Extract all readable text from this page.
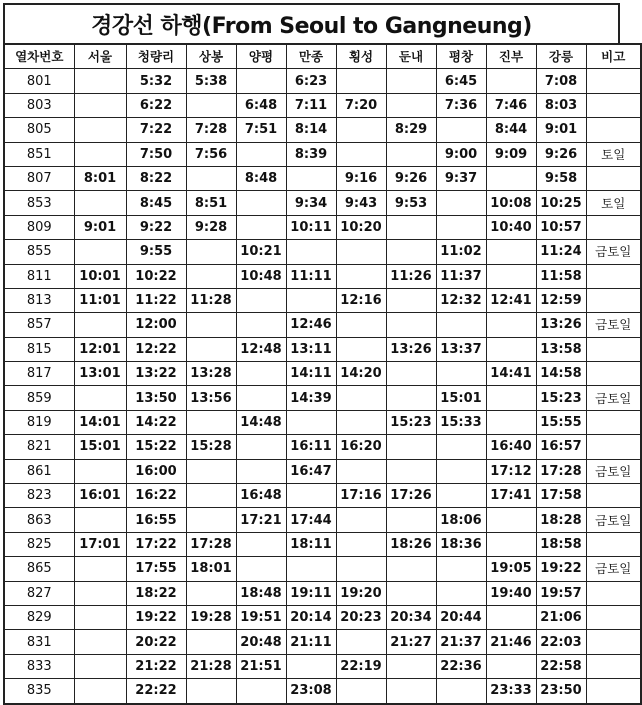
경강선 하행(From Seoul to Gangneung)
열차번호	서울	청량리	상봉	양평	만종	횡성	둔내	평창	진부	강릉	비고
801		5:32	5:38		6:23			6:45		7:08	
803		6:22		6:48	7:11	7:20		7:36	7:46	8:03	
805		7:22	7:28	7:51	8:14		8:29		8:44	9:01	
851		7:50	7:56		8:39			9:00	9:09	9:26	토일
807	8:01	8:22		8:48		9:16	9:26	9:37		9:58	
853		8:45	8:51		9:34	9:43	9:53		10:08	10:25	토일
809	9:01	9:22	9:28		10:11	10:20			10:40	10:57	
855		9:55		10:21				11:02		11:24	금토일
811	10:01	10:22		10:48	11:11		11:26	11:37		11:58	
813	11:01	11:22	11:28			12:16		12:32	12:41	12:59	
857		12:00			12:46					13:26	금토일
815	12:01	12:22		12:48	13:11		13:26	13:37		13:58	
817	13:01	13:22	13:28		14:11	14:20			14:41	14:58	
859		13:50	13:56		14:39			15:01		15:23	금토일
819	14:01	14:22		14:48			15:23	15:33		15:55	
821	15:01	15:22	15:28		16:11	16:20			16:40	16:57	
861		16:00			16:47				17:12	17:28	금토일
823	16:01	16:22		16:48		17:16	17:26		17:41	17:58	
863		16:55		17:21	17:44			18:06		18:28	금토일
825	17:01	17:22	17:28		18:11		18:26	18:36		18:58	
865		17:55	18:01						19:05	19:22	금토일
827		18:22		18:48	19:11	19:20			19:40	19:57	
829		19:22	19:28	19:51	20:14	20:23	20:34	20:44		21:06	
831		20:22		20:48	21:11		21:27	21:37	21:46	22:03	
833		21:22	21:28	21:51		22:19		22:36		22:58	
835		22:22			23:08				23:33	23:50	
